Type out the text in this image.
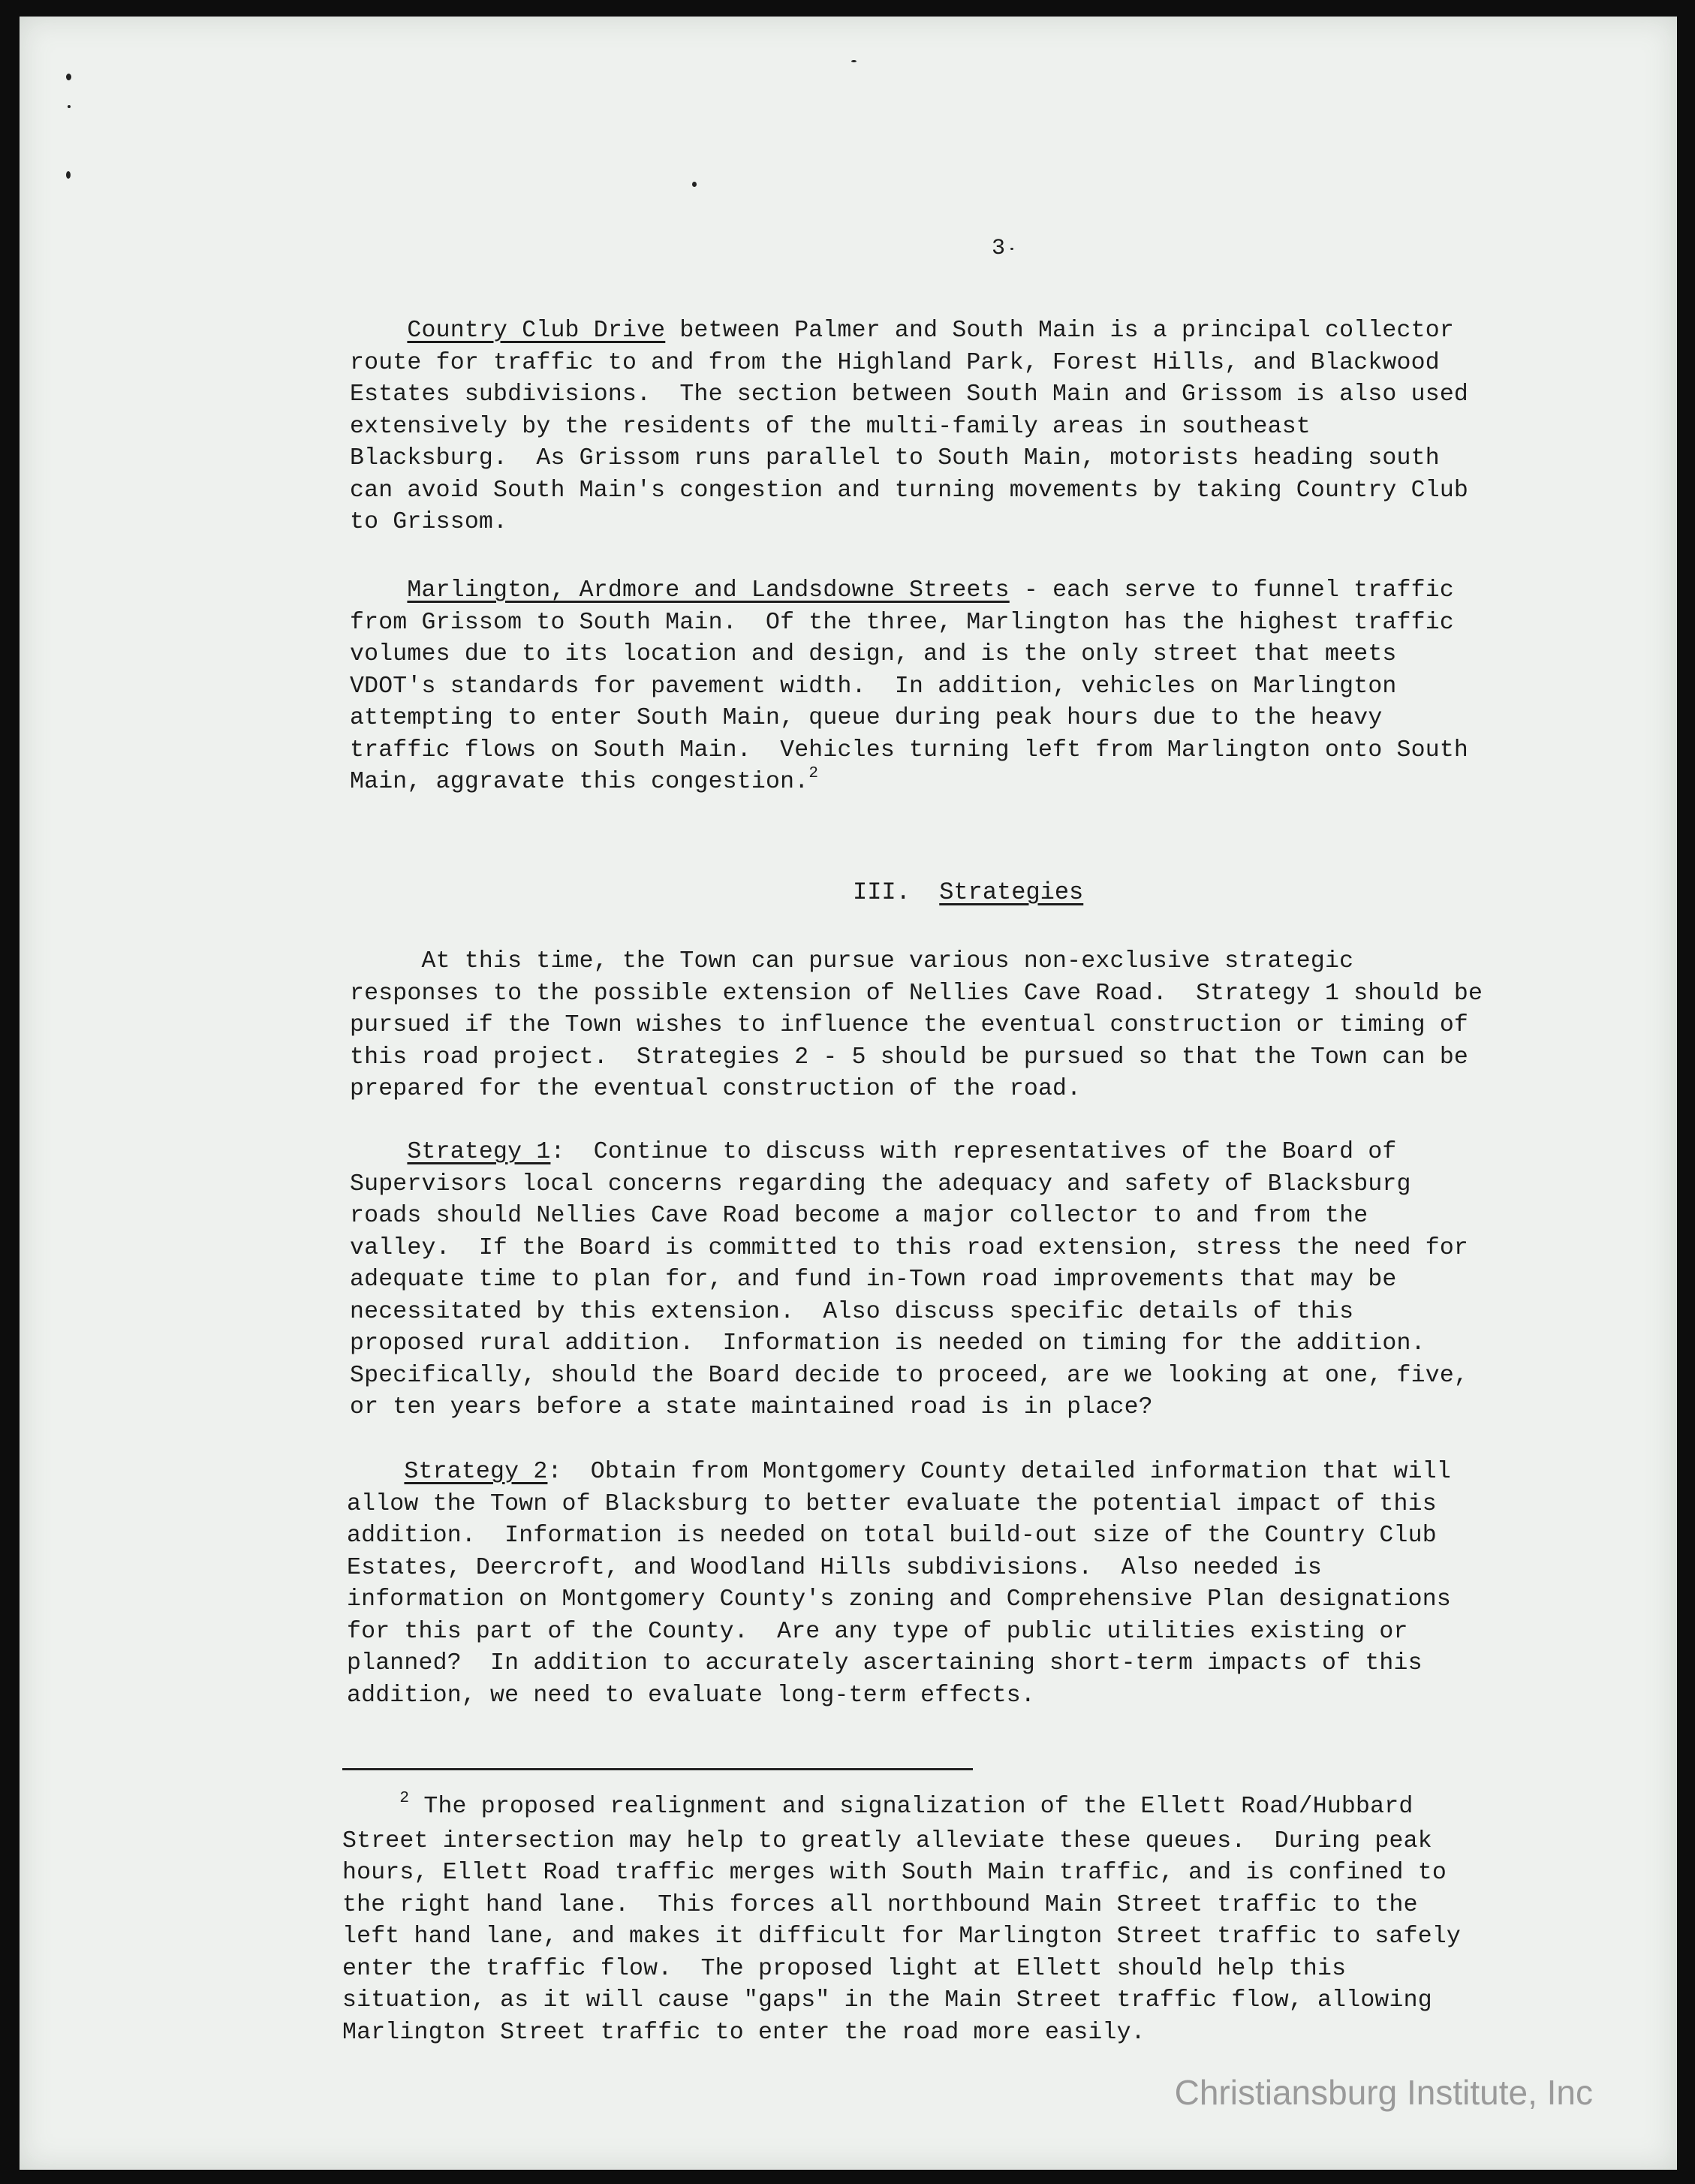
3
Country Club Drive between Palmer and South Main is a principal collector
route for traffic to and from the Highland Park, Forest Hills, and Blackwood
Estates subdivisions.  The section between South Main and Grissom is also used
extensively by the residents of the multi-family areas in southeast
Blacksburg.  As Grissom runs parallel to South Main, motorists heading south
can avoid South Main's congestion and turning movements by taking Country Club
to Grissom.
Marlington, Ardmore and Landsdowne Streets - each serve to funnel traffic
from Grissom to South Main.  Of the three, Marlington has the highest traffic
volumes due to its location and design, and is the only street that meets
VDOT's standards for pavement width.  In addition, vehicles on Marlington
attempting to enter South Main, queue during peak hours due to the heavy
traffic flows on South Main.  Vehicles turning left from Marlington onto South
Main, aggravate this congestion.$^2$
III. Strategies
At this time, the Town can pursue various non-exclusive strategic
responses to the possible extension of Nellies Cave Road.  Strategy 1 should be
pursued if the Town wishes to influence the eventual construction or timing of
this road project.  Strategies 2 - 5 should be pursued so that the Town can be
prepared for the eventual construction of the road.
Strategy 1:  Continue to discuss with representatives of the Board of
Supervisors local concerns regarding the adequacy and safety of Blacksburg
roads should Nellies Cave Road become a major collector to and from the
valley.  If the Board is committed to this road extension, stress the need for
adequate time to plan for, and fund in-Town road improvements that may be
necessitated by this extension.  Also discuss specific details of this
proposed rural addition.  Information is needed on timing for the addition.
Specifically, should the Board decide to proceed, are we looking at one, five,
or ten years before a state maintained road is in place?
Strategy 2:  Obtain from Montgomery County detailed information that will
allow the Town of Blacksburg to better evaluate the potential impact of this
addition.  Information is needed on total build-out size of the Country Club
Estates, Deercroft, and Woodland Hills subdivisions.  Also needed is
information on Montgomery County's zoning and Comprehensive Plan designations
for this part of the County.  Are any type of public utilities existing or
planned?  In addition to accurately ascertaining short-term impacts of this
addition, we need to evaluate long-term effects.
$^2$ The proposed realignment and signalization of the Ellett Road/Hubbard
Street intersection may help to greatly alleviate these queues.  During peak
hours, Ellett Road traffic merges with South Main traffic, and is confined to
the right hand lane.  This forces all northbound Main Street traffic to the
left hand lane, and makes it difficult for Marlington Street traffic to safely
enter the traffic flow.  The proposed light at Ellett should help this
situation, as it will cause "gaps" in the Main Street traffic flow, allowing
Marlington Street traffic to enter the road more easily.
Christiansburg Institute, Inc
